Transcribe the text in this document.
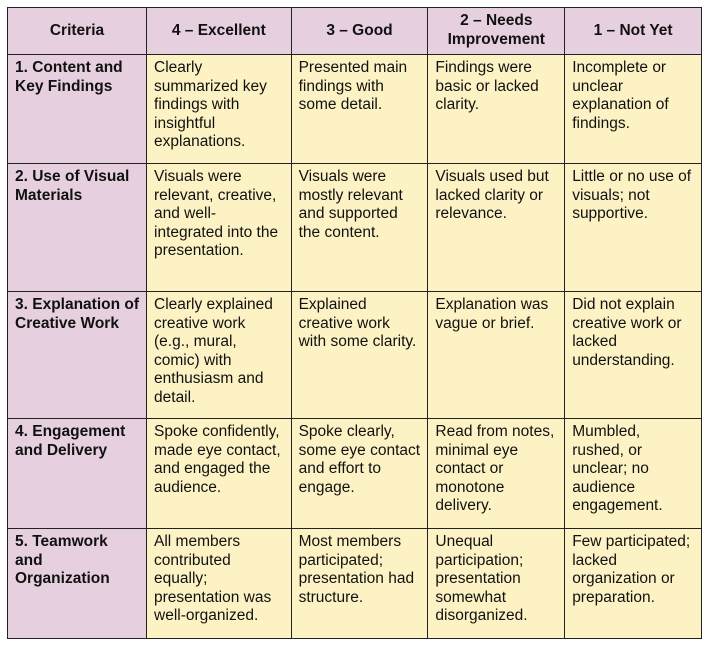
Criteria	4 – Excellent	3 – Good	2 – Needs Improvement	1 – Not Yet
1. Content and Key Findings	Clearly summarized key findings with insightful explanations.	Presented main findings with some detail.	Findings were basic or lacked clarity.	Incomplete or unclear explanation of findings.
2. Use of Visual Materials	Visuals were relevant, creative, and well-integrated into the presentation.	Visuals were mostly relevant and supported the content.	Visuals used but lacked clarity or relevance.	Little or no use of visuals; not supportive.
3. Explanation of Creative Work	Clearly explained creative work (e.g., mural, comic) with enthusiasm and detail.	Explained creative work with some clarity.	Explanation was vague or brief.	Did not explain creative work or lacked understanding.
4. Engagement and Delivery	Spoke confidently, made eye contact, and engaged the audience.	Spoke clearly, some eye contact and effort to engage.	Read from notes, minimal eye contact or monotone delivery.	Mumbled, rushed, or unclear; no audience engagement.
5. Teamwork and Organization	All members contributed equally; presentation was well-organized.	Most members participated; presentation had structure.	Unequal participation; presentation somewhat disorganized.	Few participated; lacked organization or preparation.
